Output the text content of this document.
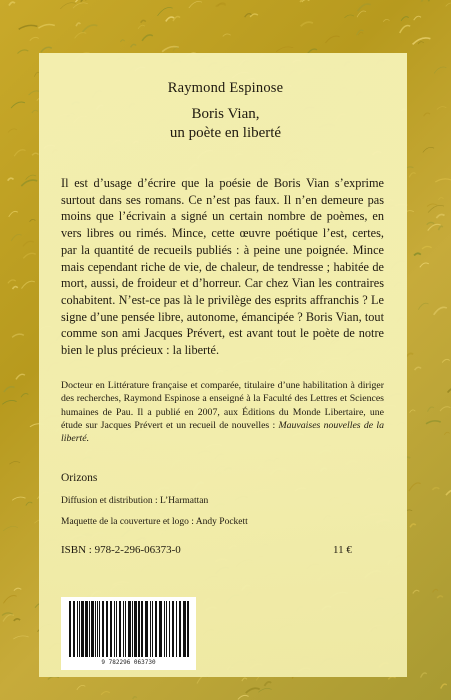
Raymond Espinose

Boris Vian,

un poète en liberté

Il est d’usage d’écrire que la poésie de Boris Vian s’exprime surtout dans ses romans. Ce n’est pas faux. Il n’en demeure pas moins que l’écrivain a signé un certain nombre de poèmes, en vers libres ou rimés. Mince, cette œuvre poétique l’est, certes, par la quantité de recueils publiés : à peine une poignée. Mince mais cependant riche de vie, de chaleur, de tendresse ; habitée de mort, aussi, de froideur et d’horreur. Car chez Vian les contraires cohabitent. N’est-ce pas là le privilège des esprits affranchis ? Le signe d’une pensée libre, autonome, émancipée ? Boris Vian, tout comme son ami Jacques Prévert, est avant tout le poète de notre bien le plus précieux : la liberté.

Docteur en Littérature française et comparée, titulaire d’une habilitation à diriger des recherches, Raymond Espinose a enseigné à la Faculté des Lettres et Sciences humaines de Pau. Il a publié en 2007, aux Éditions du Monde Libertaire, une étude sur Jacques Prévert et un recueil de nouvelles : Mauvaises nouvelles de la liberté.

Orizons

Diffusion et distribution : L’Harmattan

Maquette de la couverture et logo : Andy Pockett

ISBN : 978-2-296-06373-0	11 €

9 782296 063730
